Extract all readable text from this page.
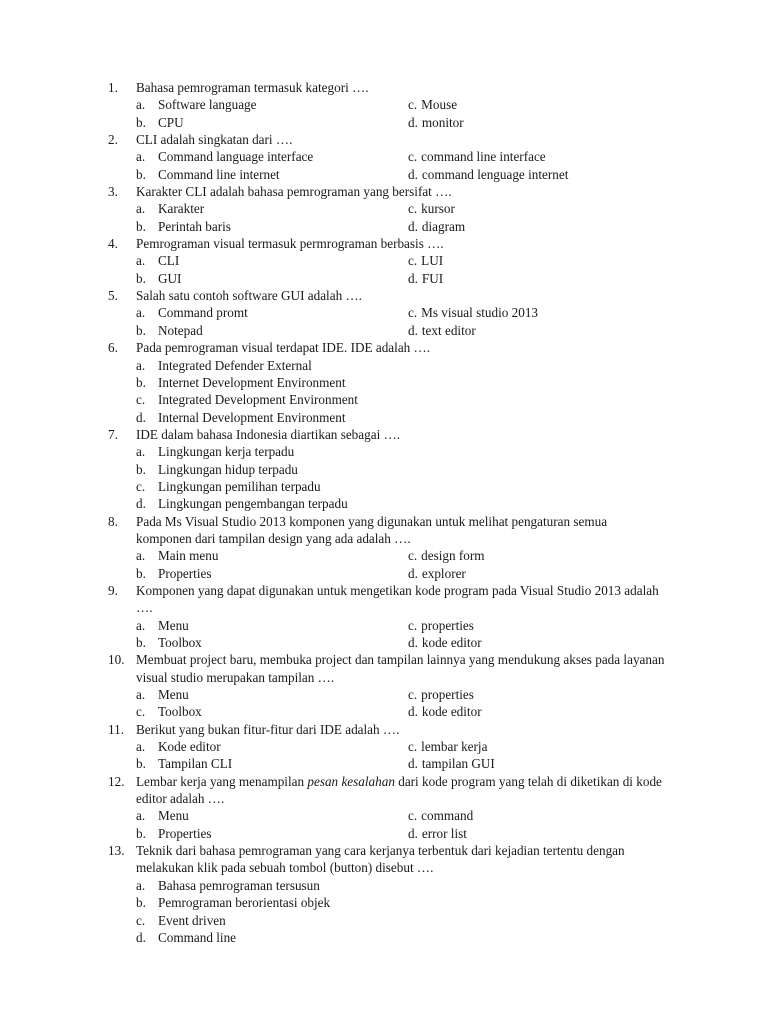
1.	Bahasa pemrograman termasuk kategori ….
a. Software language	c. Mouse
b. CPU	d. monitor
2.	CLI adalah singkatan dari ….
a. Command language interface	c. command line interface
b. Command line internet	d. command lenguage internet
3.	Karakter CLI adalah bahasa pemrograman yang bersifat ….
a. Karakter	c. kursor
b. Perintah baris	d. diagram
4.	Pemrograman visual termasuk permrograman berbasis ….
a. CLI	c. LUI
b. GUI	d. FUI
5.	Salah satu contoh software GUI adalah ….
a. Command promt	c. Ms visual studio 2013
b. Notepad	d. text editor
6.	Pada pemrograman visual terdapat IDE. IDE adalah ….
a. Integrated Defender External
b. Internet Development Environment
c. Integrated Development Environment
d. Internal Development Environment
7.	IDE dalam bahasa Indonesia diartikan sebagai ….
a. Lingkungan kerja terpadu
b. Lingkungan hidup terpadu
c. Lingkungan pemilihan terpadu
d. Lingkungan pengembangan terpadu
8.	Pada Ms Visual Studio 2013 komponen yang digunakan untuk melihat pengaturan semua komponen dari tampilan design yang ada adalah ….
a. Main menu	c. design form
b. Properties	d. explorer
9.	Komponen yang dapat digunakan untuk mengetikan kode program pada Visual Studio 2013 adalah ….
a. Menu	c. properties
b. Toolbox	d. kode editor
10. Membuat project baru, membuka project dan tampilan lainnya yang mendukung akses pada layanan visual studio merupakan tampilan ….
a. Menu	c. properties
c. Toolbox	d. kode editor
11. Berikut yang bukan fitur-fitur dari IDE adalah ….
a. Kode editor	c. lembar kerja
b. Tampilan CLI	d. tampilan GUI
12. Lembar kerja yang menampilan pesan kesalahan dari kode program yang telah di diketikan di kode editor adalah ….
a. Menu	c. command
b. Properties	d. error list
13. Teknik dari bahasa pemrograman yang cara kerjanya terbentuk dari kejadian tertentu dengan melakukan klik pada sebuah tombol (button) disebut ….
a. Bahasa pemrograman tersusun
b. Pemrograman berorientasi objek
c. Event driven
d. Command line
